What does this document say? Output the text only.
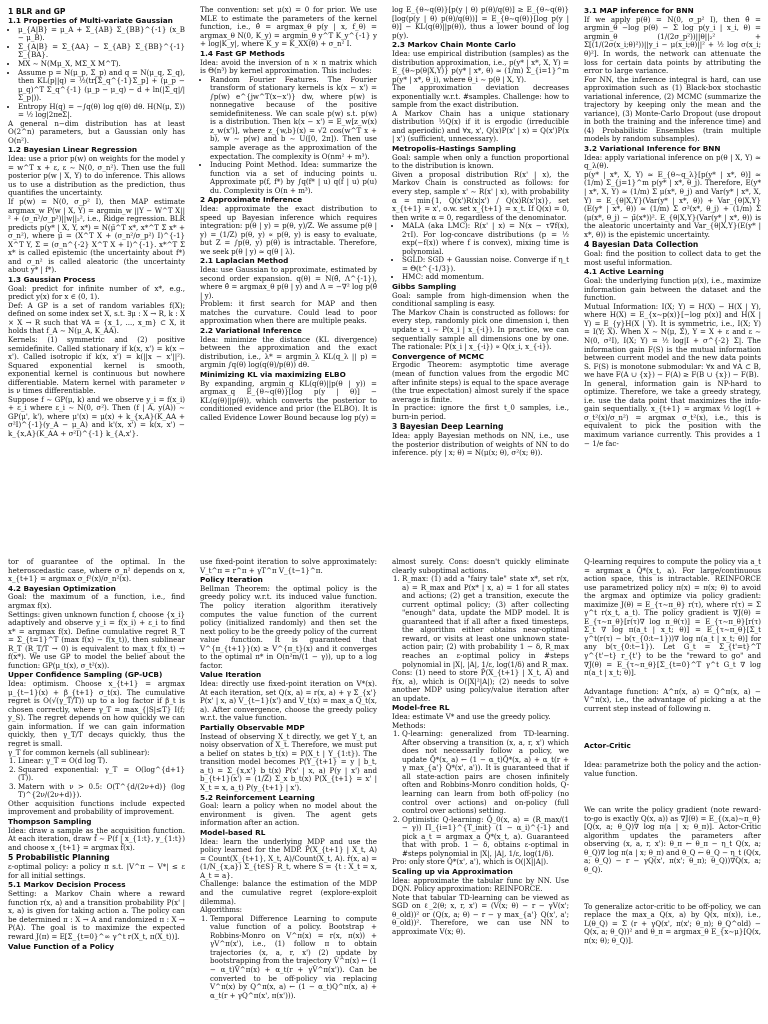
1 BLR and GP
1.1 Properties of Multi-variate Gaussian
• μ_{A|B} = μ_A + Σ_{AB} Σ_{BB}^{-1} (x_B − μ_B).
• Σ_{A|B} = Σ_{AA} − Σ_{AB} Σ_{BB}^{-1} Σ_{BA}.
• MX ∼ N(Mμ_X, MΣ_X M^T).
• Assume p = N(μ_p, Σ_p) and q = N(μ_q, Σ_q), then KL(p||q) = ½(tr[Σ_q^{-1}Σ_p] + (μ_p − μ_q)^T Σ_q^{-1} (μ_p − μ_q) − d + ln(|Σ_q|/|Σ_p|)).
• Entropy H(q) = −∫q(θ) log q(θ) dθ. H(N(μ, Σ)) = ½ log|2πeΣ|.
A general n−dim distribution has at least O(2^n) parameters, but a Gaussian only has O(n²).
1.2 Bayesian Linear Regression
Idea: use a prior p(w) on weights for the model y = w^T x + ε, ε ∼ N(0, σ_n²). Then use the full posterior p(w | X, Y) to do inference. This allows us to use a distribution as the prediction, thus quantifies the uncertainty.
If p(w) = N(0, σ_p² I), then MAP estimate argmax_w P(w | X, Y) = argmin_w ||Y − W^T X||² + (σ_n²/σ_p²)||w||₂², i.e., Ridge regression. BLR predicts p(y* | X, Y, x*) = N(μ̄^T x*, x*^T Σ̄ x* + σ_n²), where μ̄ = (X^T X + (σ_n²/σ_p²) I)^{-1} X^T Y, Σ̄ = (σ_n^{-2} X^T X + I)^{-1}. x*^T Σ̄ x* is called epistemic (the uncertainty about f*) and σ_n² is called aleatoric (the uncertainty about y* | f*).
1.3 Gaussian Process
Goal: predict for infinite number of x*, e.g., predict y(x) for x ∈ (0, 1).
Def: A GP is a set of random variables f(X); defined on some index set X, s.t. ∃μ : X → R, k : X × X → R such that ∀A = {x_1, ..., x_m} ⊂ X, it holds that f_A ∼ N(μ_A, K_AA).
Kernels: (1) symmetric and (2) positive semidefinite. Called stationary if k(x, x') = k(x − x'). Called isotropic if k(x, x') = k(||x − x'||²). Squared exponential kernel is smooth, exponential kernel is continuous but nowhere differentiable. Matern kernel with parameter ν is ν times differentiable.
Suppose f ∼ GP(μ, k) and we observe y_i = f(x_i) + ε_i where ε_i ∼ N(0, σ²). Then (f | A, y(A)) ∼ GP(μ', k'), where μ'(x) = μ(x) + k_{x,A}(K_AA + σ²I)^{-1}(y_A − μ_A) and k'(x, x') = k(x, x') − k_{x,A}(K_AA + σ²I)^{-1} k_{A,x'}.
The convention: set μ(x) = 0 for prior. We use MLE to estimate the parameters of the kernel function, i.e., θ̂ = argmax_θ p(y | x, f_θ) = argmax_θ N(0, K_y) = argmin_θ y^T K_y^{-1} y + log|K_y|, where K_y = K_XX(θ) + σ_n² I.
1.4 Fast GP Methods
Idea: avoid the inversion of n × n matrix which is Θ(n³) by kernel approximation. This includes:
• Random Fourier Features. The Fourier transform of stationary kernels is k(x − x') = ∫p(w) e^{jw^T(x−x')} dw, where p(w) is nonnegative because of the positive semidefiniteness. We can scale p(w) s.t. p(w) is a distribution. Then k(x − x') = E_w[z_w(x) z_w(x')], where z_{w,b}(x) = √2 cos(w^T x + b), w ∼ p(w) and b ∼ U([0, 2π]). Then use sample average as the approximation of the expectation. The complexity is O(nm² + m³).
• Inducing Point Method. Idea: summarize the function via a set of inducing points u. Approximate p(f, f*) by ∫q(f* | u) q(f | u) p(u) du. Complexity is O(n + m³).
2 Approximate Inference
Idea: approximate the exact distribution to speed up Bayesian inference which requires integration: p(θ | y) = p(θ, y)/Z. We assume p(θ | y) = (1/Z) p(θ, y) ∝ p(θ, y) is easy to evaluate, but Z = ∫p(θ, y) p(θ) is intractable. Therefore, we seek p(θ | y) ≈ q(θ | λ).
2.1 Laplacian Method
Idea: use Gaussian to approximate, estimated by second order expansion. q(θ) = N(θ̂, Λ^{-1}), where θ̂ = argmax_θ p(θ | y) and Λ = −∇² log p(θ̂ | y).
Problem: it first search for MAP and then matches the curvature. Could lead to poor approximation when there are multiple peaks.
2.2 Variational Inference
Idea: minimize the distance (KL divergence) between the approximation and the exact distribution, i.e., λ* = argmin_λ KL(q_λ || p) = argmin ∫q(θ) log(q(θ)/p(θ)) dθ.
Minimizing KL via maximizing ELBO
By expanding, argmin_q KL(q(θ)||p(θ | y)) = argmax_q E_{θ∼q(θ)}[log p(y | θ)] − KL(q(θ)||p(θ)), which converts the posterior to conditioned evidence and prior (the ELBO). It is called Evidence Lower Bound because log p(y) =
log E_{θ∼q(θ)}[p(y | θ) p(θ)/q(θ)] ≥ E_{θ∼q(θ)}[log(p(y | θ) p(θ)/q(θ))] = E_{θ∼q(θ)}[log p(y | θ)] − KL(q(θ)||p(θ)), thus a lower bound of log p(y).
2.3 Markov Chain Monte Carlo
Idea: use empirical distribution (samples) as the distribution approximation, i.e., p(y* | x*, X, Y) = E_{θ∼p(θ|X,Y)} p(y* | x*, θ) ≈ (1/m) Σ_{i=1}^m p(y* | x*, θ_i), where θ_i ∼ p(θ | X, Y).
The approximation deviation decreases exponentially w.r.t. #samples. Challenge: how to sample from the exact distribution.
A Markov Chain has a unique stationary distribution ½Q(x) if it is ergodic (irreducible and aperiodic) and ∀x, x', Q(x)P(x' | x) = Q(x')P(x | x') (sufficient, unnecessary).
Metropolis-Hastings Sampling
Goal: sample when only a function proportional to the distribution is known.
Given a proposal distribution R(x' | x), the Markov Chain is constructed as follows: for every step, sample x' ∼ R(x' | x), with probability α = min{1, Q(x')R(x|x') / Q(x)R(x'|x)}, set x_{t+1} = x', o.w. set x_{t+1} = x_t. If Q(x) = 0, then write α = 0, regardless of the denominator.
• MALA (aka LMC): R(x' | x) = N(x − τ∇f(x), 2τI). For log-concave distributions (p = ½ exp(−f(x)) where f is convex), mixing time is polynomial.
• SGLD: SGD + Gaussian noise. Converge if η_t = Θ(t^{-1/3}).
• HMC: add momentum.
Gibbs Sampling
Goal: sample from high-dimension when the conditional sampling is easy.
The Markov Chain is constructed as follows: for every step, randomly pick one dimension i, then update x_i ∼ P(x_i | x_{-i}). In practice, we can sequentially sample all dimensions one by one. The rationale: P(x_i | x_{-i}) ∝ Q(x_i, x_{-i}).
Convergence of MCMC
Ergodic Theorem: asymptotic time average (mean of function values from the ergodic MC after infinite steps) is equal to the space average (the true expectation) almost surely if the space average is finite.
In practice: ignore the first t_0 samples, i.e., burn-in period.
3 Bayesian Deep Learning
Idea: apply Bayesian methods on NN, i.e., use the posterior distribution of weights of NN to do inference. p(y | x; θ) = N(μ(x; θ), σ²(x; θ)).
3.1 MAP inference for BNN
If we apply p(θ) = N(0, σ_p² I), then θ̂ = argmin_θ −log p(θ) − Σ log p(y_i | x_i, θ) = argmin_θ (1/(2σ_p²))||θ||₂² + Σ[(1/(2σ(x_i;θ)²))||y_i − μ(x_i;θ)||² + ½ log σ(x_i; θ)²]. In words, the network can attenuate the loss for certain data points by attributing the error to large variance.
For NN, the inference integral is hard, can use approximation such as (1) Black-box stochastic variational inference, (2) MCMC (summarize the trajectory by keeping only the mean and the variance), (3) Monte-Carlo Dropout (use dropout in both the training and the inference time) and (4) Probabilistic Ensembles (train multiple models by random subsamples).
3.2 Variational Inference for BNN
Idea: apply variational inference on p(θ | X, Y) ≈ q_λ(θ).
p(y* | x*, X, Y) ≈ E_{θ∼q_λ}[p(y* | x*, θ)] ≈ (1/m) Σ_{j=1}^m p(y* | x*, θ_j). Therefore, E(y* | x*, X, Y) ≈ (1/m) Σ μ(x*, θ_j) and Var(y* | x*, X, Y) = E_{θ|X,Y}(Var(y* | x*, θ)) + Var_{θ|X,Y}(E(y* | x*, θ)) ≈ (1/m) Σ σ²(x*, θ_j) + (1/m) Σ (μ(x*, θ_j) − μ̄(x*))². E_{θ|X,Y}(Var(y* | x*, θ)) is the aleatoric uncertainty and Var_{θ|X,Y}(E(y* | x*, θ)) is the epistemic uncertainty.
4 Bayesian Data Collection
Goal: find the position to collect data to get the most useful information.
4.1 Active Learning
Goal: the underlying function μ(x), i.e., maximize information gain between the dataset and the function.
Mutual Information: I(X; Y) = H(X) − H(X | Y), where H(X) = E_{x∼p(x)}[−log p(x)] and H(X | Y) = E_{y}H(X | Y). It is symmetric, i.e., I(X; Y) = I(Y; X). When X ∼ N(μ, Σ), Y = X + ε and ε ∼ N(0, σ²I), I(X; Y) = ½ log|I + σ^{-2} Σ|. The information gain F(S) is the mutual information between current model and the new data points S. F(S) is monotone submodular: ∀x and ∀A ⊂ B, we have F(A ∪ {x}) − F(A) ≥ F(B ∪ {x}) − F(B).
In general, information gain is NP-hard to optimize. Therefore, we take a greedy strategy, i.e. use the data point that maximizes the info-gain sequentially. x_{t+1} = argmax ½ log(1 + σ_t²(x)/σ_n²) = argmax σ_t²(x), i.e., this is equivalent to pick the position with the maximum variance currently. This provides a 1 − 1/e fac-
tor of guarantee of the optimal. In the heteroscedastic case, where σ_n² depends on x, x_{t+1} = argmax σ_f²(x)/σ_n²(x).
4.2 Bayesian Optimization
Goal: the maximum of a function, i.e., find argmax f(x).
Settings: given unknown function f, choose {x_i} adaptively and observe y_i = f(x_i) + ε_i to find x* = argmax f(x). Define cumulative regret R_T = Σ_{t=1}^T (max f(x) − f(x_t)), then sublinear R_T (R_T/T → 0) is equivalent to max_t f(x_t) → f(x*). We use GP to model the belief about the function: GP(μ_t(x), σ_t²(x)).
Upper Confidence Sampling (GP-UCB)
Idea: optimism. Choose x_{t+1} = argmax μ_{t−1}(x) + β_{t+1} σ_t(x). The cumulative regret is O(√(γ_T/T)) up to a log factor if β_t is chosen correctly, where γ_T = max_{|S|≤T} I(f; y_S). The regret depends on how quickly we can gain information. If we can gain information quickly, then γ_T/T decays quickly, thus the regret is small.
γ_T for common kernels (all sublinear):
1. Linear: γ_T = O(d log T).
2. Squared exponential: γ_T = O(log^{d+1}(T)).
3. Matern with ν > 0.5: O(T^{d/(2ν+d)} (log T)^{2ν/(2ν+d)}).
Other acquisition functions include expected improvement and probability of improvement.
Thompson Sampling
Idea: draw a sample as the acquisition function. At each iteration, draw f̃ ∼ P(f | x_{1:t}, y_{1:t}) and choose x_{t+1} = argmax f̃(x).
5 Probabilistic Planning
ε-optimal policy: a policy π s.t. |V^π − V*| ≤ ε for all initial settings.
5.1 Markov Decision Process
Setting: a Markov Chain where a reward function r(x, a) and a transition probability P(x' | x, a) is given for taking action a. The policy can be determined π : X → A and randomized π : X → P(A). The goal is to maximize the expected reward J(π) = E[Σ_{t=0}^∞ γ^t r(X_t, π(X_t))].
Value Function of a Policy
use fixed-point iteration to solve approximately: V_t^π = r^π + γT^π V_{t−1}^π.
Policy Iteration
Bellman Theorem: the optimal policy is the greedy policy w.r.t. its induced value function. The policy iteration algorithm iteratively computes the value function of the current policy (initialized randomly) and then set the next policy to be the greedy policy of the current value function. It is guaranteed that V^{π_{t+1}}(x) ≥ V^{π_t}(x) and it converges to the optimal π* in O(n²m/(1 − γ)), up to a log factor.
Value Iteration
Idea: directly use fixed-point iteration on V*(x). At each iteration, set Q(x, a) = r(x, a) + γ Σ_{x'} P(x' | x, a) V_{t−1}(x') and V_t(x) = max_a Q_t(x, a). After convergence, choose the greedy policy w.r.t. the value function.
Partially Observable MDP
Instead of observing X_t directly, we get Y_t, an noisy observation of X_t. Therefore, we must put a belief on states b_t(x) = P(X_t | Y_{1:t}). The transition model becomes P(Y_{t+1} = y | b_t, a_t) = Σ_{x,x'} b_t(x) P(x' | x, a) P(y | x') and b_{t+1}(x') = (1/Z) Σ_x b_t(x) P(X_{t+1} = x' | X_t = x, a_t) P(y_{t+1} | x').
5.2 Reinforcement Learning
Goal: learn a policy when no model about the environment is given. The agent gets information after an action.
Model-based RL
Idea: learn the underlying MDP and use the policy learned for the MDP. P̂(X_{t+1} | X_t, A) = Count(X_{t+1}, X_t, A)/Count(X_t, A). r̂(x, a) = (1/N_{x,a}) Σ_{t∈S} R_t, where S = {t : X_t = x, A_t = a}.
Challenge: balance the estimation of the MDP and the cumulative regret (explore-exploit dilemma).
Algorithms:
1. Temporal Difference Learning to compute value function of a policy. Bootstrap + Robbins-Monro on V^π(x) = r(x, π(x)) + γV^π(x'), i.e., (1) follow π to obtain trajectories (x, a, r, x') (2) update by bootstrapping from the trajectory V̂^π(x) ← (1 − α_t)V̂^π(x) + α_t(r + γV̂^π(x')). Can be converted to be off-policy via replacing V^π(x) by Q^π(x, a) ← (1 − α_t)Q^π(x, a) + α_t(r + γQ^π(x', π(x'))).
almost surely. Cons: doesn't quickly eliminate clearly suboptimal actions.
1. R_max: (1) add a "fairy tale" state x*, set r(x, a) = R_max and P(x* | x, a) = 1 for all states and actions; (2) get a transition, execute the current optimal policy; (3) after collecting "enough" data, update the MDP model. It is guaranteed that if all after a fixed timesteps, the algorithm either obtains near-optimal reward, or visits at least one unknown state-action pair; (2) with probability 1 − δ, R_max reaches an ε-optimal policy in #steps polynomial in |X|, |A|, 1/ε, log(1/δ) and R_max.
Cons: (1) need to store P̂(X_{t+1} | X_t, A) and r̂(x, a), which is O(|X|²|A|); (2) needs to solve another MDP using policy/value iteration after an update.
Model-free RL
Idea: estimate V* and use the greedy policy.
Methods:
1. Q-learning: generalized from TD-learning. After observing a transition (x, a, r, x') which does not necessarily follow a policy, we update Q̂*(x, a) ← (1 − α_t)Q̂*(x, a) + α_t(r + γ max_{a'} Q̂*(x', a')). It is guaranteed that if all state-action pairs are chosen infinitely often and Robbins-Monro condition holds, Q-learning can learn from both off-policy (no control over actions) and on-policy (full control over actions) setting.
2. Optimistic Q-learning: Q̂_0(x, a) = (R_max/(1 − γ)) Π_{i=1}^{T_init} (1 − α_i)^{-1} and pick a_t = argmax_a Q̂*(x_t, a). Guaranteed that with prob. 1 − δ, obtains ε-optimal in #steps polynomial in |X|, |A|, 1/ε, log(1/δ).
Pro: only store Q̂*(x', a'), which is O(|X||A|).
Scaling up via Approximation
Idea: approximate the tabular func by NN. Use DQN. Policy approximation: REINFORCE.
Note that tabular TD-learning can be viewed as SGD on ℓ_2(θ; x, r, x') = (V(x; θ) − r − γV(x'; θ_old))² or (Q(x, a; θ) − r − γ max_{a'} Q(x', a'; θ_old))². Therefore, we can use NN to approximate V(x; θ).
Q-learning requires to compute the policy via a_t = argmax_a Q̂*(x_t, a). For large/continuous action space, this is intractable. REINFORCE use parametrized policy π(x) = π(x; θ) to avoid the argmax and optimize via policy gradient: maximize J(θ) = E_{τ∼π_θ} r(τ), where r(τ) = Σ γ^t r(x_t, a_t). The policy gradient is ∇J(θ) = E_{τ∼π_θ}[r(τ)∇ log π_θ(τ)] = E_{τ∼π_θ}[r(τ) Σ_t ∇ log π(a_t | x_t; θ)] = E_{τ∼π_θ}[Σ_t γ^t(r(τ) − b(τ_{0:t−1}))∇ log π(a_t | x_t; θ)] for any b(τ_{0:t−1}). Let G_t = Σ_{t'=t}^T γ^{t'−t} r_{t'} to be the "reward to go" and ∇J(θ) = E_{τ∼π_θ}[Σ_{t=0}^T γ^t G_t ∇ log π(a_t | x_t; θ)].
Advantage function: A^π(x, a) = Q^π(x, a) − V^π(x), i.e., the advantage of picking a at the current step instead of following π.
Actor-Critic
Idea: parametrize both the policy and the action-value function.
We can write the policy gradient (note reward-to-go is exactly Q(x, a)) as ∇J(θ) = E_{(x,a)∼π_θ}[Q(x, a; θ_Q)∇ log π(a | x; θ_π)]. Actor-Critic algorithm updates the parameters after observing (x, a, r, x'): θ_π ← θ_π − η_t Q(x, a; θ_Q)∇ log π(a | x; θ_π) and θ_Q ← θ_Q − η_t (Q(x, a; θ_Q) − r − γQ(x', π(x'; θ_π); θ_Q))∇Q(x, a; θ_Q).
To generalize actor-critic to be off-policy, we can replace the max_a Q(x, a) by Q(x, π(x)), i.e., L(θ_Q) = Σ (r + γQ(x', π(x'; θ_π); θ_Q^old) − Q(x, a; θ_Q))² and θ_π = argmax_θ E_{x∼μ}[Q(x, π(x; θ); θ_Q)].
